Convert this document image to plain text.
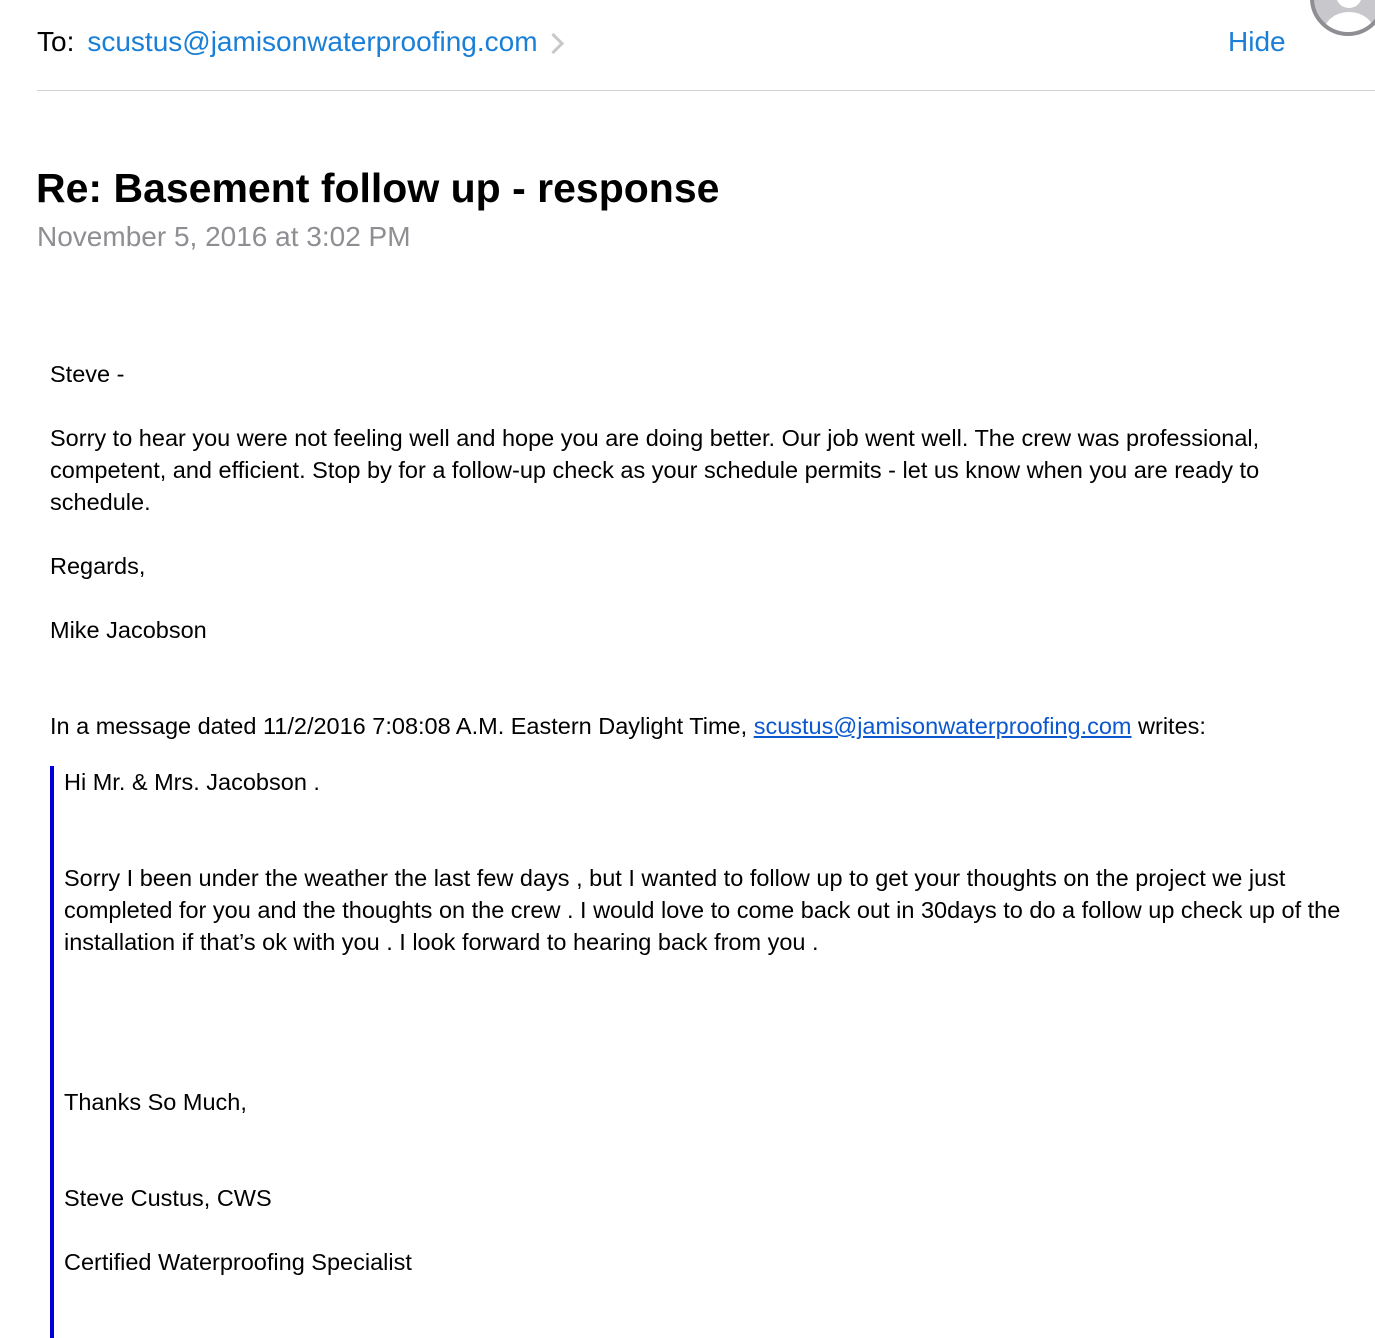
To: scustus@jamisonwaterproofing.com	Hide
Re: Basement follow up - response
November 5, 2016 at 3:02 PM

Steve -

Sorry to hear you were not feeling well and hope you are doing better. Our job went well. The crew was professional, competent, and efficient. Stop by for a follow-up check as your schedule permits - let us know when you are ready to schedule.

Regards,

Mike Jacobson

In a message dated 11/2/2016 7:08:08 A.M. Eastern Daylight Time, scustus@jamisonwaterproofing.com writes:

Hi Mr. & Mrs. Jacobson .

Sorry I been under the weather the last few days , but I wanted to follow up to get your thoughts on the project we just completed for you and the thoughts on the crew . I would love to come back out in 30days to do a follow up check up of the installation if that’s ok with you . I look forward to hearing back from you .

Thanks So Much,

Steve Custus, CWS

Certified Waterproofing Specialist
